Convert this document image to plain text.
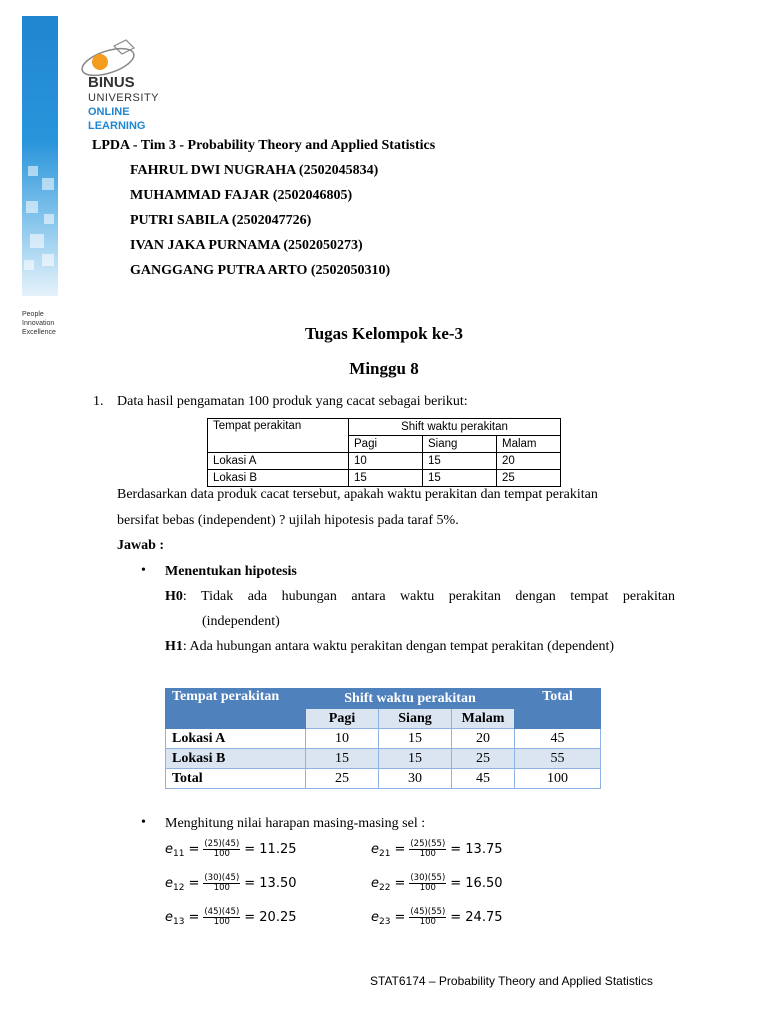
BINUS
UNIVERSITY
ONLINE
LEARNING
People
Innovation
Excellence
LPDA - Tim 3 - Probability Theory and Applied Statistics
FAHRUL DWI NUGRAHA (2502045834)
MUHAMMAD FAJAR (2502046805)
PUTRI SABILA (2502047726)
IVAN JAKA PURNAMA (2502050273)
GANGGANG PUTRA ARTO (2502050310)
Tugas Kelompok ke-3
Minggu 8
1. Data hasil pengamatan 100 produk yang cacat sebagai berikut:
Tempat perakitan	Shift waktu perakitan		
	Pagi	Siang	Malam
Lokasi A	10	15	20
Lokasi B	15	15	25
Berdasarkan data produk cacat tersebut, apakah waktu perakitan dan tempat perakitan
bersifat bebas (independent) ? ujilah hipotesis pada taraf 5%.
Jawab :
• Menentukan hipotesis
H0 : Tidak ada hubungan antara waktu perakitan dengan tempat perakitan
(independent)
H1: Ada hubungan antara waktu perakitan dengan tempat perakitan (dependent)
Tempat perakitan	Shift waktu perakitan			Total
	Pagi	Siang	Malam	
Lokasi A	10	15	20	45
Lokasi B	15	15	25	55
Total	25	30	45	100
• Menghitung nilai harapan masing-masing sel :
e $11 = \frac{(25)(45)}{100} = 11.25$	e $21 = \frac{(25)(55)}{100} = 13.75$
e $12 = \frac{(30)(45)}{100} = 13.50$	e $22 = \frac{(30)(55)}{100} = 16.50$
e $13 = \frac{(45)(45)}{100} = 20.25$	e $23 = \frac{(45)(55)}{100} = 24.75$
STAT6174 – Probability Theory and Applied Statistics
